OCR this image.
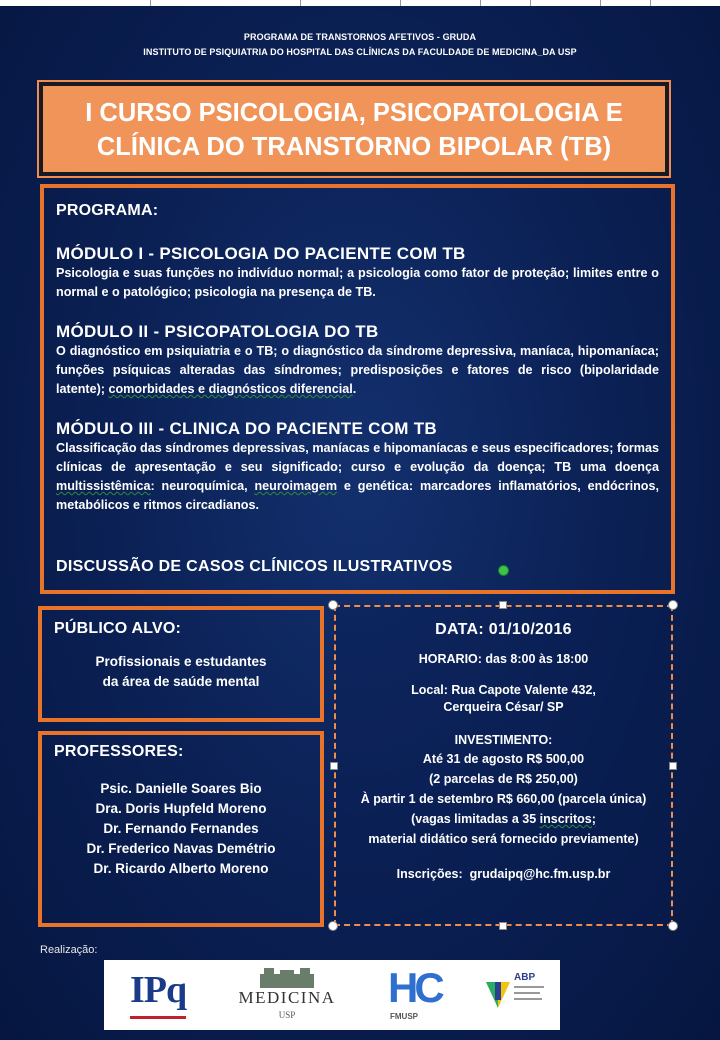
PROGRAMA DE TRANSTORNOS AFETIVOS - GRUDA
INSTITUTO DE PSIQUIATRIA DO HOSPITAL DAS CLÍNICAS DA FACULDADE DE MEDICINA_DA USP
I CURSO PSICOLOGIA, PSICOPATOLOGIA E
CLÍNICA DO TRANSTORNO BIPOLAR (TB)
PROGRAMA:
MÓDULO I - PSICOLOGIA DO PACIENTE COM TB
Psicologia e suas funções no indivíduo normal; a psicologia como fator de proteção; limites entre o normal e o patológico; psicologia na presença de TB.
MÓDULO II - PSICOPATOLOGIA DO TB
O diagnóstico em psiquiatria e o TB; o diagnóstico da síndrome depressiva, maníaca, hipomaníaca; funções psíquicas alteradas das síndromes; predisposições e fatores de risco (bipolaridade latente); comorbidades e diagnósticos diferencial.
MÓDULO III - CLINICA DO PACIENTE COM TB
Classificação das síndromes depressivas, maníacas e hipomaníacas e seus especificadores; formas clínicas de apresentação e seu significado; curso e evolução da doença; TB uma doença multissistêmica: neuroquímica, neuroimagem e genética: marcadores inflamatórios, endócrinos, metabólicos e ritmos circadianos.
DISCUSSÃO DE CASOS CLÍNICOS ILUSTRATIVOS
PÚBLICO ALVO:
Profissionais e estudantes
da área de saúde mental
PROFESSORES:
Psic. Danielle Soares Bio
Dra. Doris Hupfeld Moreno
Dr. Fernando Fernandes
Dr. Frederico Navas Demétrio
Dr. Ricardo Alberto Moreno
DATA: 01/10/2016
HORARIO: das 8:00 às 18:00
Local: Rua Capote Valente 432,
Cerqueira César/ SP
INVESTIMENTO:
Até 31 de agosto R$ 500,00
(2 parcelas de R$ 250,00)
À partir 1 de setembro R$ 660,00 (parcela única)
(vagas limitadas a 35 inscritos;
material didático será fornecido previamente)
Inscrições: grudaipq@hc.fm.usp.br
Realização:
IPq	MEDICINA
USP
HC
FMUSP
ABP
